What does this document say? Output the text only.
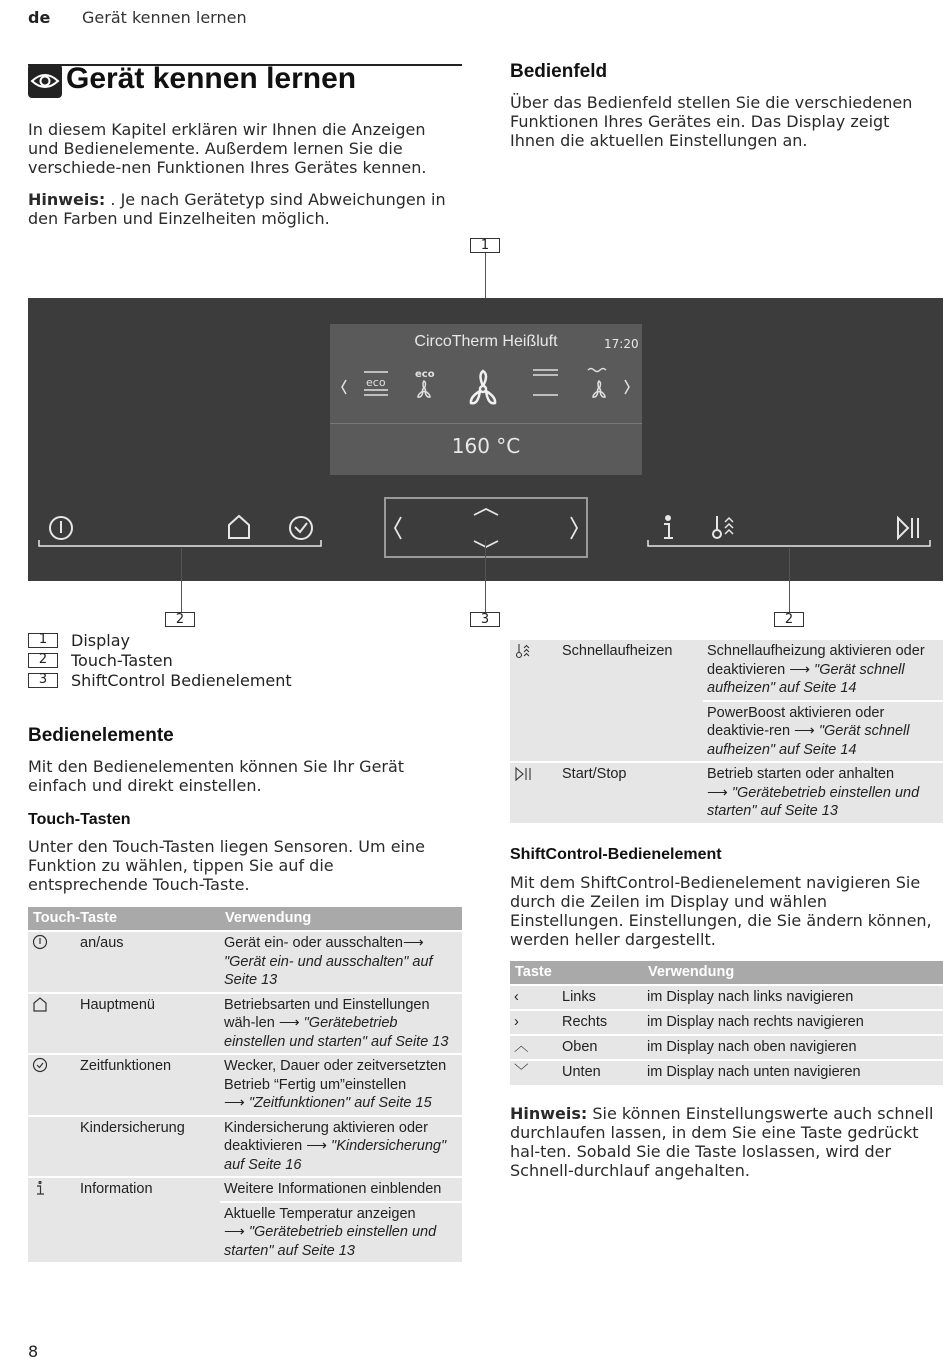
de Gerät kennen lernen
Gerät kennen lernen
In diesem Kapitel erklären wir Ihnen die Anzeigen und Bedienelemente. Außerdem lernen Sie die verschiede-nen Funktionen Ihres Gerätes kennen.
Hinweis: . Je nach Gerätetyp sind Abweichungen in den Farben und Einzelheiten möglich.
Bedienfeld
Über das Bedienfeld stellen Sie die verschiedenen Funktionen Ihres Gerätes ein. Das Display zeigt Ihnen die aktuellen Einstellungen an.
1
CircoTherm Heißluft	17:20
160 °C
eco
eco
2	3	2
1	Display
2	Touch-Tasten
3	ShiftControl Bedienelement
Bedienelemente
Mit den Bedienelementen können Sie Ihr Gerät einfach und direkt einstellen.
Touch-Tasten
Unter den Touch-Tasten liegen Sensoren. Um eine Funktion zu wählen, tippen Sie auf die entsprechende Touch-Taste.
Touch-Taste		Verwendung

	an/aus	Gerät ein- oder ausschalten⟶ "Gerät ein- und ausschalten" auf Seite 13

	Hauptmenü	Betriebsarten und Einstellungen wäh-len ⟶ "Gerätebetrieb einstellen und starten" auf Seite 13

	Zeitfunktionen	Wecker, Dauer oder zeitversetzten Betrieb “Fertig um”einstellen
⟶ "Zeitfunktionen" auf Seite 15
	Kindersicherung	Kindersicherung aktivieren oder deaktivieren ⟶ "Kindersicherung" auf Seite 16

	Information	Weitere Informationen einblenden
		Aktuelle Temperatur anzeigen
⟶ "Gerätebetrieb einstellen und starten" auf Seite 13
	Schnellaufheizen	Schnellaufheizung aktivieren oder deaktivieren ⟶ "Gerät schnell aufheizen" auf Seite 14
		PowerBoost aktivieren oder deaktivie-ren ⟶ "Gerät schnell aufheizen" auf Seite 14

	Start/Stop	Betrieb starten oder anhalten
⟶ "Gerätebetrieb einstellen und starten" auf Seite 13
ShiftControl-Bedienelement
Mit dem ShiftControl-Bedienelement navigieren Sie durch die Zeilen im Display und wählen Einstellungen. Einstellungen, die Sie ändern können, werden heller dargestellt.
Taste		Verwendung
‹	Links	im Display nach links navigieren
›	Rechts	im Display nach rechts navigieren
︿	Oben	im Display nach oben navigieren
﹀	Unten	im Display nach unten navigieren
Hinweis: Sie können Einstellungswerte auch schnell durchlaufen lassen, in dem Sie eine Taste gedrückt hal-ten. Sobald Sie die Taste loslassen, wird der Schnell-durchlauf angehalten.
8
